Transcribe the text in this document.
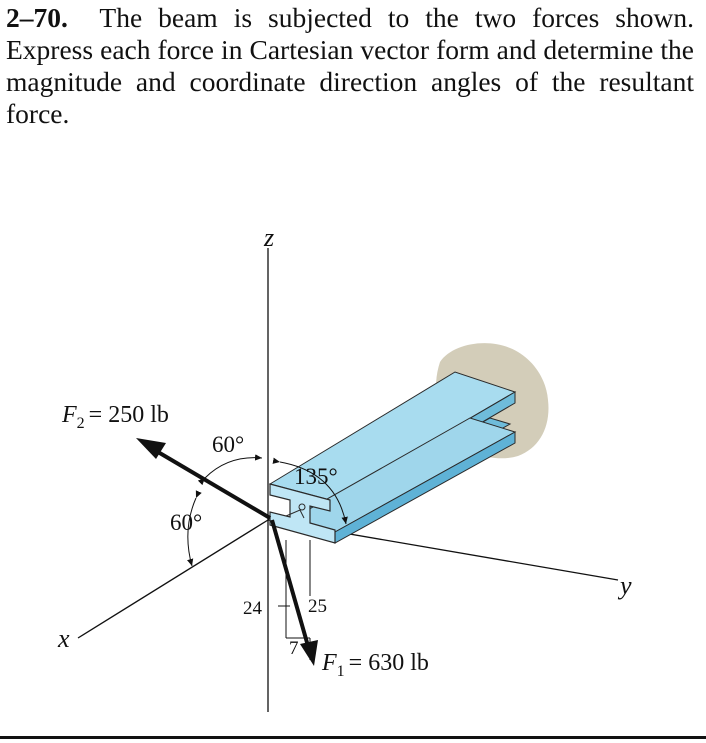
2–70. The beam is subjected to the two forces shown. Express each force in Cartesian vector form and determine the magnitude and coordinate direction angles of the resultant force.
z
x
y
$F_2 = 250$ lb
$F_1 = 630$ lb
60°
60°
135°
24 25
7
